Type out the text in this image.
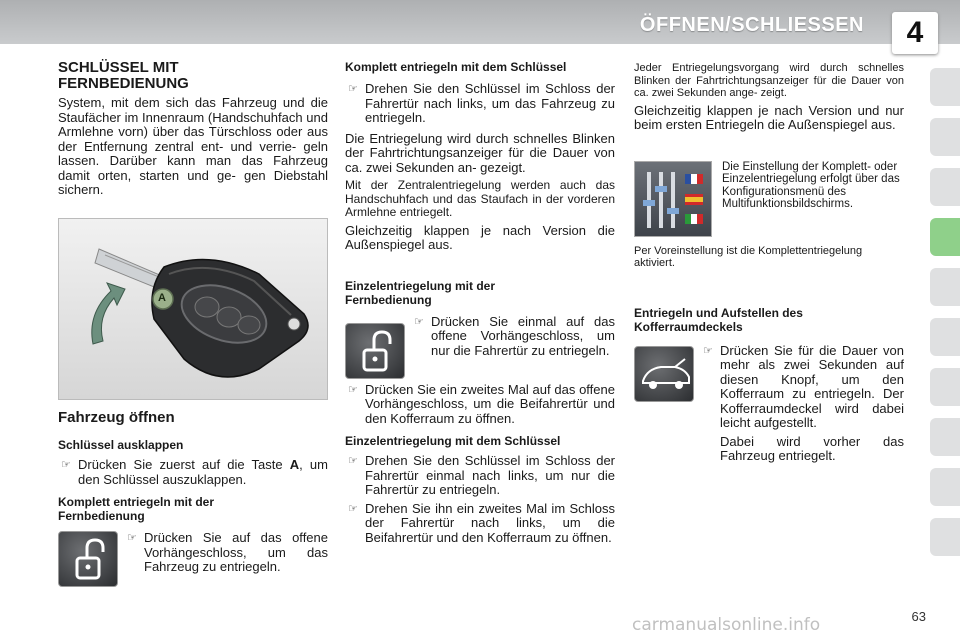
ÖFFNEN/SCHLIESSEN	4
SCHLÜSSEL MIT FERNBEDIENUNG
System, mit dem sich das Fahrzeug und die Staufächer im Innenraum (Handschuhfach und Armlehne vorn) über das Türschloss oder aus der Entfernung zentral ent- und verrie- geln lassen. Darüber kann man das Fahrzeug damit orten, starten und ge- gen Diebstahl sichern.
A
Fahrzeug öffnen
Schlüssel ausklappen
☞ Drücken Sie zuerst auf die Taste A, um den Schlüssel auszuklappen.
Komplett entriegeln mit der Fernbedienung
☞ Drücken Sie auf das offene Vorhängeschloss, um das Fahrzeug zu entriegeln.
Komplett entriegeln mit dem Schlüssel
☞ Drehen Sie den Schlüssel im Schloss der Fahrertür nach links, um das Fahrzeug zu entriegeln.
Die Entriegelung wird durch schnelles Blinken der Fahrtrichtungsanzeiger für die Dauer von ca. zwei Sekunden an- gezeigt.
Mit der Zentralentriegelung werden auch das Handschuhfach und das Staufach in der vorderen Armlehne entriegelt.
Gleichzeitig klappen je nach Version die Außenspiegel aus.
Einzelentriegelung mit der Fernbedienung
☞ Drücken Sie einmal auf das offene Vorhängeschloss, um nur die Fahrertür zu entriegeln.
☞ Drücken Sie ein zweites Mal auf das offene Vorhängeschloss, um die Beifahrertür und den Kofferraum zu öffnen.
Einzelentriegelung mit dem Schlüssel
☞ Drehen Sie den Schlüssel im Schloss der Fahrertür einmal nach links, um nur die Fahrertür zu entriegeln.
☞ Drehen Sie ihn ein zweites Mal im Schloss der Fahrertür nach links, um die Beifahrertür und den Kofferraum zu öffnen.
Jeder Entriegelungsvorgang wird durch schnelles Blinken der Fahrtrichtungsanzeiger für die Dauer von ca. zwei Sekunden ange- zeigt.
Gleichzeitig klappen je nach Version und nur beim ersten Entriegeln die Außenspiegel aus.
Die Einstellung der Komplett- oder Einzelentriegelung erfolgt über das Konfigurationsmenü des Multifunktionsbildschirms.
Per Voreinstellung ist die Komplettentriegelung aktiviert.
Entriegeln und Aufstellen des Kofferraumdeckels
☞ Drücken Sie für die Dauer von mehr als zwei Sekunden auf diesen Knopf, um den Kofferraum zu entriegeln. Der Kofferraumdeckel wird dabei leicht aufgestellt.
Dabei wird vorher das Fahrzeug entriegelt.
63
carmanualsonline.info
